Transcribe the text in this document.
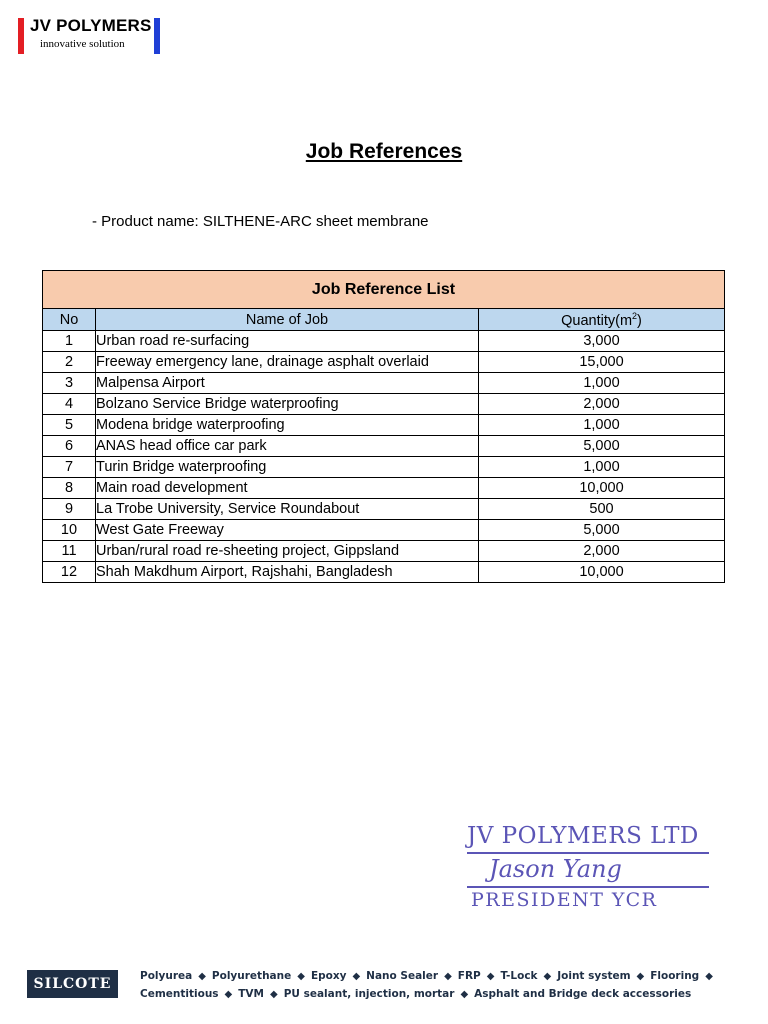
JV POLYMERS
innovative solution
Job References
- Product name: SILTHENE-ARC sheet membrane
Job Reference List		
No	Name of Job	$Quantity(m^2)$
1	Urban road re-surfacing	3,000
2	Freeway emergency lane, drainage asphalt overlaid	15,000
3	Malpensa Airport	1,000
4	Bolzano Service Bridge waterproofing	2,000
5	Modena bridge waterproofing	1,000
6	ANAS head office car park	5,000
7	Turin Bridge waterproofing	1,000
8	Main road development	10,000
9	La Trobe University, Service Roundabout	500
10	West Gate Freeway	5,000
11	Urban/rural road re-sheeting project, Gippsland	2,000
12	Shah Makdhum Airport, Rajshahi, Bangladesh	10,000
JV POLYMERS LTD
Jason Yang
PRESIDENT YCR
SILCOTE	Polyurea ◆ Polyurethane ◆ Epoxy ◆ Nano Sealer ◆ FRP ◆ T-Lock ◆ Joint system ◆ Flooring ◆
Cementitious ◆ TVM ◆ PU sealant, injection, mortar ◆ Asphalt and Bridge deck accessories
